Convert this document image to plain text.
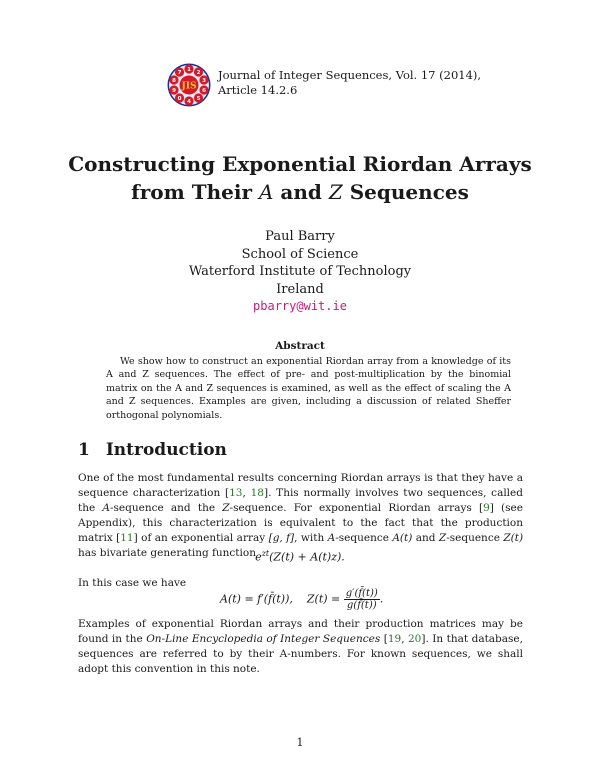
1 2
3
6
5
4
0
9
8
7
JIS
Journal of Integer Sequences, Vol. 17 (2014),
Article 14.2.6
Constructing Exponential Riordan Arrays
from Their A and Z Sequences
Paul Barry
School of Science
Waterford Institute of Technology
Ireland
pbarry@wit.ie
Abstract
We show how to construct an exponential Riordan array from a knowledge of its A and Z sequences. The effect of pre- and post-multiplication by the binomial matrix on the A and Z sequences is examined, as well as the effect of scaling the A and Z sequences. Examples are given, including a discussion of related Sheffer orthogonal polynomials.
1 Introduction
One of the most fundamental results concerning Riordan arrays is that they have a sequence characterization [13, 18]. This normally involves two sequences, called the A-sequence and the Z-sequence. For exponential Riordan arrays [9] (see Appendix), this characterization is equivalent to the fact that the production matrix [11] of an exponential array [g, f], with A-sequence A(t) and Z-sequence Z(t) has bivariate generating function $e^{zt}(Z(t) + A(t)z)$.
In this case we have
A(t) = f′(f̄(t)), $Z(t) = \frac{g'(f̄(t))}{g(f̄(t))}$ .
Examples of exponential Riordan arrays and their production matrices may be found in the On-Line Encyclopedia of Integer Sequences [19, 20]. In that database, sequences are referred to by their A-numbers. For known sequences, we shall adopt this convention in this note.
1
